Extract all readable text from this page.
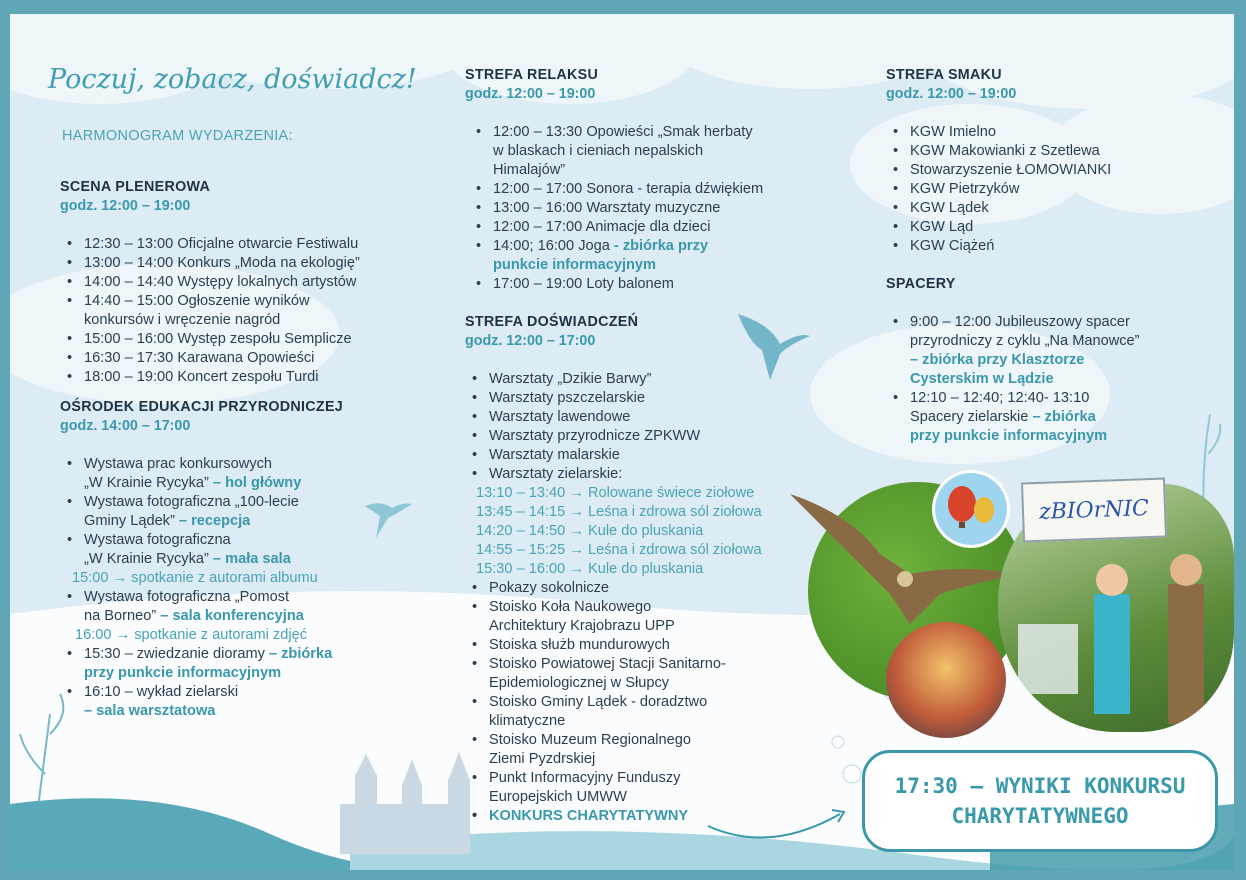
zBIOrNIC
Poczuj, zobacz, doświadcz!
HARMONOGRAM WYDARZENIA:
SCENA PLENEROWA
godz. 12:00 – 19:00
• 12:30 – 13:00 Oficjalne otwarcie Festiwalu
• 13:00 – 14:00 Konkurs „Moda na ekologię”
• 14:00 – 14:40 Występy lokalnych artystów
• 14:40 – 15:00 Ogłoszenie wyników
konkursów i wręczenie nagród
• 15:00 – 16:00 Występ zespołu Semplicze
• 16:30 – 17:30 Karawana Opowieści
• 18:00 – 19:00 Koncert zespołu Turdi
OŚRODEK EDUKACJI PRZYRODNICZEJ
godz. 14:00 – 17:00
• Wystawa prac konkursowych
„W Krainie Rycyka” – hol główny
• Wystawa fotograficzna „100-lecie
Gminy Lądek” – recepcja
• Wystawa fotograficzna
„W Krainie Rycyka” – mała sala
15:00 → spotkanie z autorami albumu
• Wystawa fotograficzna „Pomost
na Borneo” – sala konferencyjna
16:00 → spotkanie z autorami zdjęć
• 15:30 – zwiedzanie dioramy – zbiórka
przy punkcie informacyjnym
• 16:10 – wykład zielarski
– sala warsztatowa
STREFA RELAKSU
godz. 12:00 – 19:00
• 12:00 – 13:30 Opowieści „Smak herbaty
w blaskach i cieniach nepalskich
Himalajów”
• 12:00 – 17:00 Sonora - terapia dźwiękiem
• 13:00 – 16:00 Warsztaty muzyczne
• 12:00 – 17:00 Animacje dla dzieci
• 14:00; 16:00 Joga - zbiórka przy
punkcie informacyjnym
• 17:00 – 19:00 Loty balonem
STREFA DOŚWIADCZEŃ
godz. 12:00 – 17:00
• Warsztaty „Dzikie Barwy”
• Warsztaty pszczelarskie
• Warsztaty lawendowe
• Warsztaty przyrodnicze ZPKWW
• Warsztaty malarskie
• Warsztaty zielarskie:
13:10 – 13:40 → Rolowane świece ziołowe
13:45 – 14:15 → Leśna i zdrowa sól ziołowa
14:20 – 14:50 → Kule do pluskania
14:55 – 15:25 → Leśna i zdrowa sól ziołowa
15:30 – 16:00 → Kule do pluskania
• Pokazy sokolnicze
• Stoisko Koła Naukowego
Architektury Krajobrazu UPP
• Stoiska służb mundurowych
• Stoisko Powiatowej Stacji Sanitarno-
Epidemiologicznej w Słupcy
• Stoisko Gminy Lądek - doradztwo
klimatyczne
• Stoisko Muzeum Regionalnego
Ziemi Pyzdrskiej
• Punkt Informacyjny Funduszy
Europejskich UMWW
• KONKURS CHARYTATYWNY
STREFA SMAKU
godz. 12:00 – 19:00
• KGW Imielno
• KGW Makowianki z Szetlewa
• Stowarzyszenie ŁOMOWIANKI
• KGW Pietrzyków
• KGW Lądek
• KGW Ląd
• KGW Ciążeń
SPACERY
• 9:00 – 12:00 Jubileuszowy spacer
przyrodniczy z cyklu „Na Manowce”
– zbiórka przy Klasztorze
Cysterskim w Lądzie
• 12:10 – 12:40; 12:40- 13:10
Spacery zielarskie – zbiórka
przy punkcie informacyjnym
17:30 – WYNIKI KONKURSU
CHARYTATYWNEGO
